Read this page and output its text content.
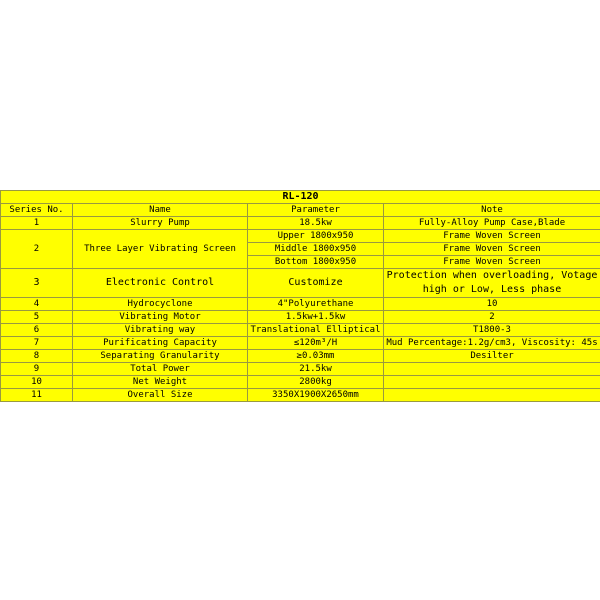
RL-120			
Series No.	Name	Parameter	Note
1	Slurry Pump	18.5kw	Fully-Alloy Pump Case,Blade
2	Three Layer Vibrating Screen	Upper 1800x950	Frame Woven Screen
		Middle 1800x950	Frame Woven Screen
		Bottom 1800x950	Frame Woven Screen
3	Electronic Control	Customize	Protection when overloading, Votage high or Low, Less phase
4	Hydrocyclone	4"Polyurethane	10
5	Vibrating Motor	1.5kw+1.5kw	2
6	Vibrating way	Translational Elliptical	T1800-3
7	Purificating Capacity	≤120m³/H	Mud Percentage:1.2g/cm3, Viscosity: 45s
8	Separating Granularity	≥0.03mm	Desilter
9	Total Power	21.5kw	
10	Net Weight	2800kg	
11	Overall Size	3350X1900X2650mm	
